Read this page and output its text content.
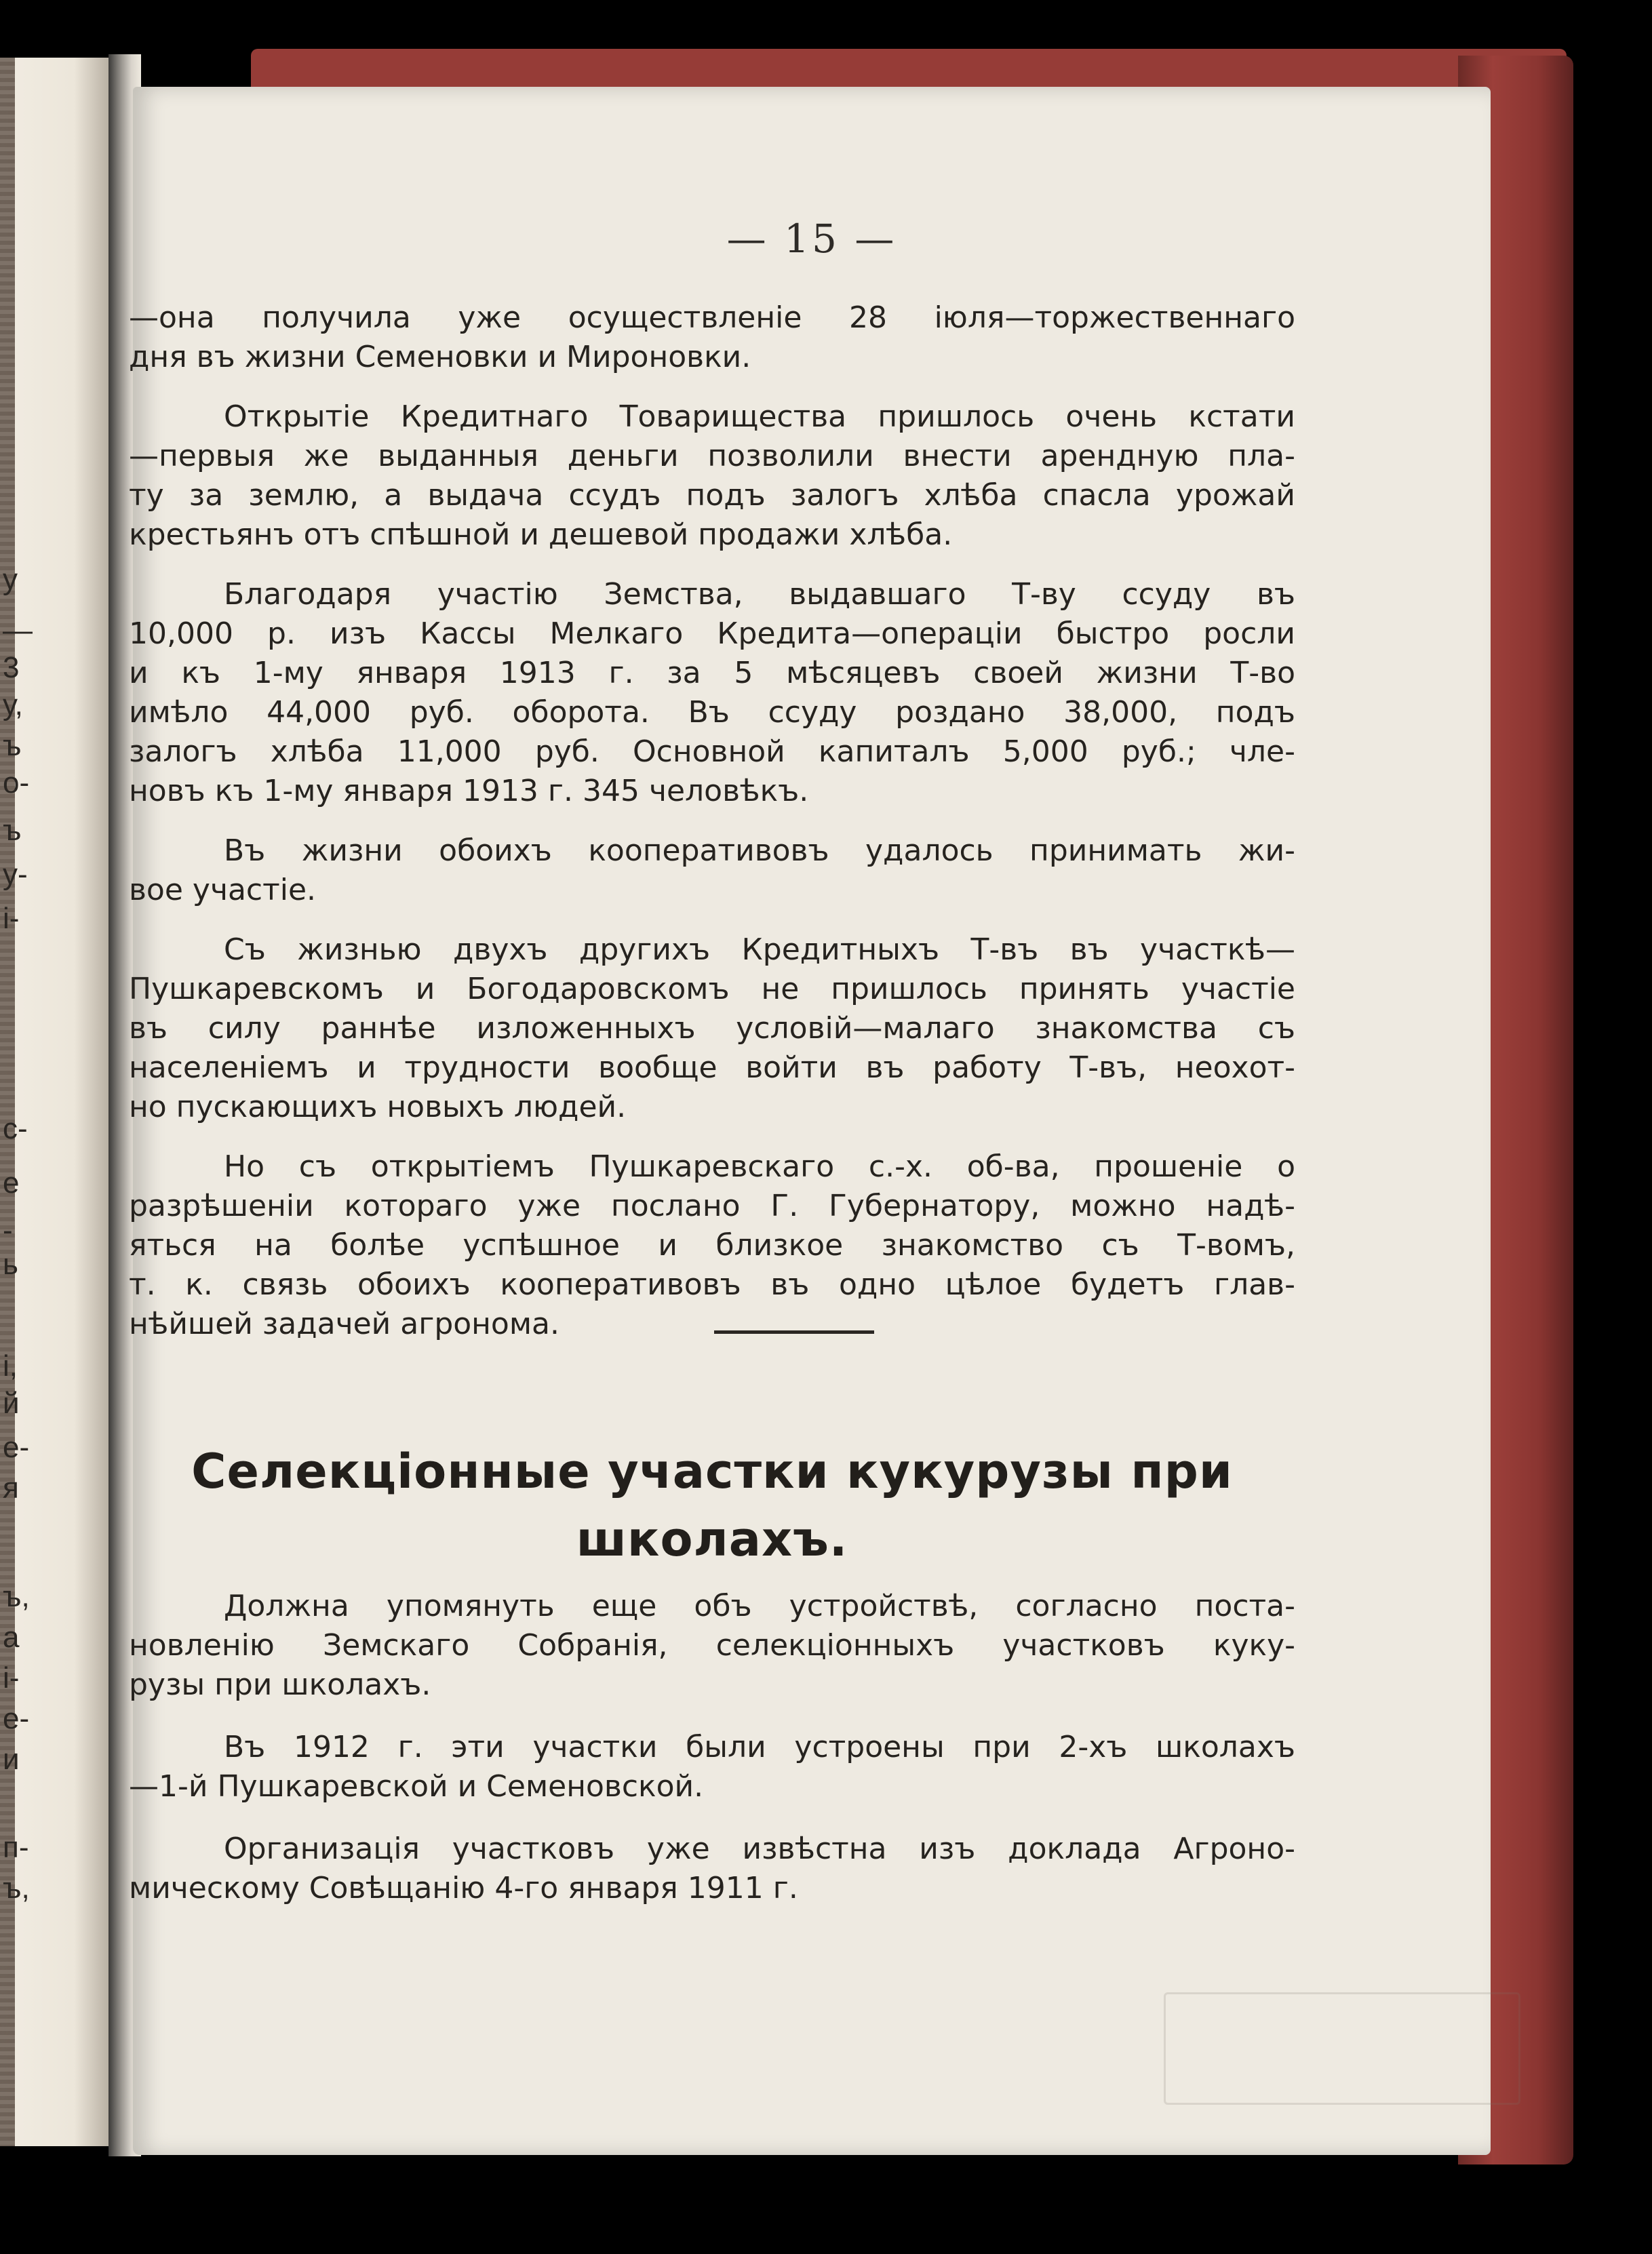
— 15 —
у
—
3
у,
ъ
о-
ъ
у-
і-
с-
е
-
ь
і,
й
е-
я
ъ,
а
і-
е-
и
п-
ъ,
—она получила уже осуществленіе 28 іюля—торжественнаго
дня въ жизни Семеновки и Мироновки.
Открытіе Кредитнаго Товарищества пришлось очень кстати
—первыя же выданныя деньги позволили внести арендную пла-
ту за землю, а выдача ссудъ подъ залогъ хлѣба спасла урожай
крестьянъ отъ спѣшной и дешевой продажи хлѣба.
Благодаря участію Земства, выдавшаго Т-ву ссуду въ
10,000 р. изъ Кассы Мелкаго Кредита—операціи быстро росли
и къ 1-му января 1913 г. за 5 мѣсяцевъ своей жизни Т-во
имѣло 44,000 руб. оборота. Въ ссуду роздано 38,000, подъ
залогъ хлѣба 11,000 руб. Основной капиталъ 5,000 руб.; чле-
новъ къ 1-му января 1913 г. 345 человѣкъ.
Въ жизни обоихъ кооперативовъ удалось принимать жи-
вое участіе.
Съ жизнью двухъ другихъ Кредитныхъ Т-въ въ участкѣ—
Пушкаревскомъ и Богодаровскомъ не пришлось принять участіе
въ силу раннѣе изложенныхъ условій—малаго знакомства съ
населеніемъ и трудности вообще войти въ работу Т-въ, неохот-
но пускающихъ новыхъ людей.
Но съ открытіемъ Пушкаревскаго с.-х. об-ва, прошеніе о
разрѣшеніи котораго уже послано Г. Губернатору, можно надѣ-
яться на болѣе успѣшное и близкое знакомство съ Т-вомъ,
т. к. связь обоихъ кооперативовъ въ одно цѣлое будетъ глав-
нѣйшей задачей агронома.
Селекціонные участки кукурузы при
школахъ.
Должна упомянуть еще объ устройствѣ, согласно поста-
новленію Земскаго Собранія, селекціонныхъ участковъ куку-
рузы при школахъ.
Въ 1912 г. эти участки были устроены при 2-хъ школахъ
—1-й Пушкаревской и Семеновской.
Организація участковъ уже извѣстна изъ доклада Агроно-
мическому Совѣщанію 4-го января 1911 г.
